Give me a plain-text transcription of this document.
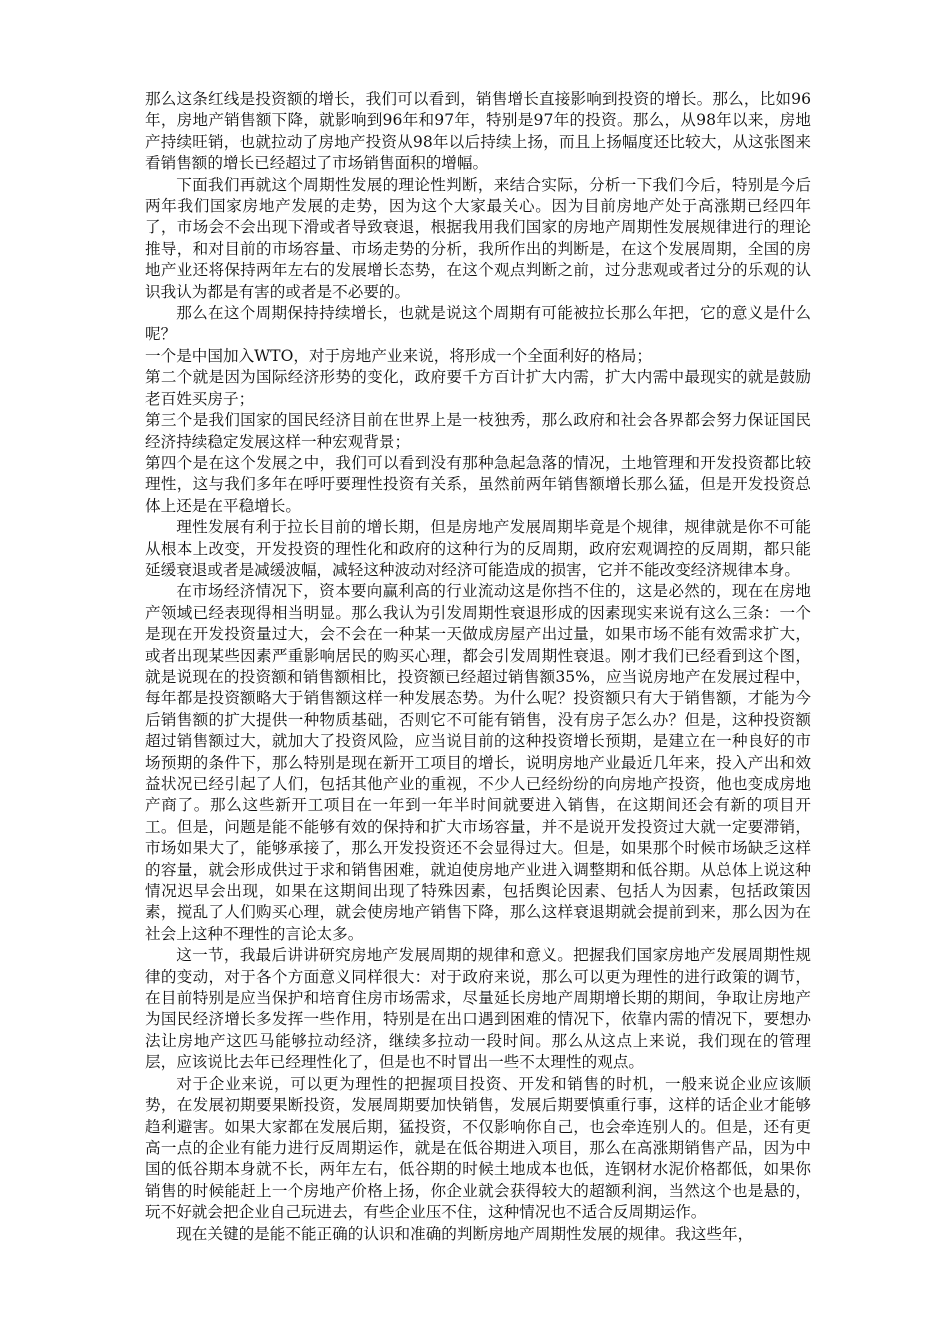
那么这条红线是投资额的增长，我们可以看到，销售增长直接影响到投资的增长。那么，比如96年，房地产销售额下降，就影响到96年和97年，特别是97年的投资。那么，从98年以来，房地产持续旺销，也就拉动了房地产投资从98年以后持续上扬，而且上扬幅度还比较大，从这张图来看销售额的增长已经超过了市场销售面积的增幅。

下面我们再就这个周期性发展的理论性判断，来结合实际，分析一下我们今后，特别是今后两年我们国家房地产发展的走势，因为这个大家最关心。因为目前房地产处于高涨期已经四年了，市场会不会出现下滑或者导致衰退，根据我用我们国家的房地产周期性发展规律进行的理论推导，和对目前的市场容量、市场走势的分析，我所作出的判断是，在这个发展周期，全国的房地产业还将保持两年左右的发展增长态势，在这个观点判断之前，过分悲观或者过分的乐观的认识我认为都是有害的或者是不必要的。

那么在这个周期保持持续增长，也就是说这个周期有可能被拉长那么年把，它的意义是什么呢？

一个是中国加入WTO，对于房地产业来说，将形成一个全面利好的格局；

第二个就是因为国际经济形势的变化，政府要千方百计扩大内需，扩大内需中最现实的就是鼓励老百姓买房子；

第三个是我们国家的国民经济目前在世界上是一枝独秀，那么政府和社会各界都会努力保证国民经济持续稳定发展这样一种宏观背景；

第四个是在这个发展之中，我们可以看到没有那种急起急落的情况，土地管理和开发投资都比较理性，这与我们多年在呼吁要理性投资有关系，虽然前两年销售额增长那么猛，但是开发投资总体上还是在平稳增长。

理性发展有利于拉长目前的增长期，但是房地产发展周期毕竟是个规律，规律就是你不可能从根本上改变，开发投资的理性化和政府的这种行为的反周期，政府宏观调控的反周期，都只能延缓衰退或者是减缓波幅，减轻这种波动对经济可能造成的损害，它并不能改变经济规律本身。

在市场经济情况下，资本要向赢利高的行业流动这是你挡不住的，这是必然的，现在在房地产领域已经表现得相当明显。那么我认为引发周期性衰退形成的因素现实来说有这么三条：一个是现在开发投资量过大，会不会在一种某一天做成房屋产出过量，如果市场不能有效需求扩大，或者出现某些因素严重影响居民的购买心理，都会引发周期性衰退。刚才我们已经看到这个图，就是说现在的投资额和销售额相比，投资额已经超过销售额35%，应当说房地产在发展过程中，每年都是投资额略大于销售额这样一种发展态势。为什么呢？投资额只有大于销售额，才能为今后销售额的扩大提供一种物质基础，否则它不可能有销售，没有房子怎么办？但是，这种投资额超过销售额过大，就加大了投资风险，应当说目前的这种投资增长预期，是建立在一种良好的市场预期的条件下，那么特别是现在新开工项目的增长，说明房地产业最近几年来，投入产出和效益状况已经引起了人们，包括其他产业的重视，不少人已经纷纷的向房地产投资，他也变成房地产商了。那么这些新开工项目在一年到一年半时间就要进入销售，在这期间还会有新的项目开工。但是，问题是能不能够有效的保持和扩大市场容量，并不是说开发投资过大就一定要滞销，市场如果大了，能够承接了，那么开发投资还不会显得过大。但是，如果那个时候市场缺乏这样的容量，就会形成供过于求和销售困难，就迫使房地产业进入调整期和低谷期。从总体上说这种情况迟早会出现，如果在这期间出现了特殊因素，包括舆论因素、包括人为因素，包括政策因素，搅乱了人们购买心理，就会使房地产销售下降，那么这样衰退期就会提前到来，那么因为在社会上这种不理性的言论太多。

这一节，我最后讲讲研究房地产发展周期的规律和意义。把握我们国家房地产发展周期性规律的变动，对于各个方面意义同样很大：对于政府来说，那么可以更为理性的进行政策的调节，在目前特别是应当保护和培育住房市场需求，尽量延长房地产周期增长期的期间，争取让房地产为国民经济增长多发挥一些作用，特别是在出口遇到困难的情况下，依靠内需的情况下，要想办法让房地产这匹马能够拉动经济，继续多拉动一段时间。那么从这点上来说，我们现在的管理层，应该说比去年已经理性化了，但是也不时冒出一些不太理性的观点。

对于企业来说，可以更为理性的把握项目投资、开发和销售的时机，一般来说企业应该顺势，在发展初期要果断投资，发展周期要加快销售，发展后期要慎重行事，这样的话企业才能够趋利避害。如果大家都在发展后期，猛投资，不仅影响你自己，也会牵连别人的。但是，还有更高一点的企业有能力进行反周期运作，就是在低谷期进入项目，那么在高涨期销售产品，因为中国的低谷期本身就不长，两年左右，低谷期的时候土地成本也低，连钢材水泥价格都低，如果你销售的时候能赶上一个房地产价格上扬，你企业就会获得较大的超额利润，当然这个也是悬的，玩不好就会把企业自己玩进去，有些企业压不住，这种情况也不适合反周期运作。

现在关键的是能不能正确的认识和准确的判断房地产周期性发展的规律。我这些年，
